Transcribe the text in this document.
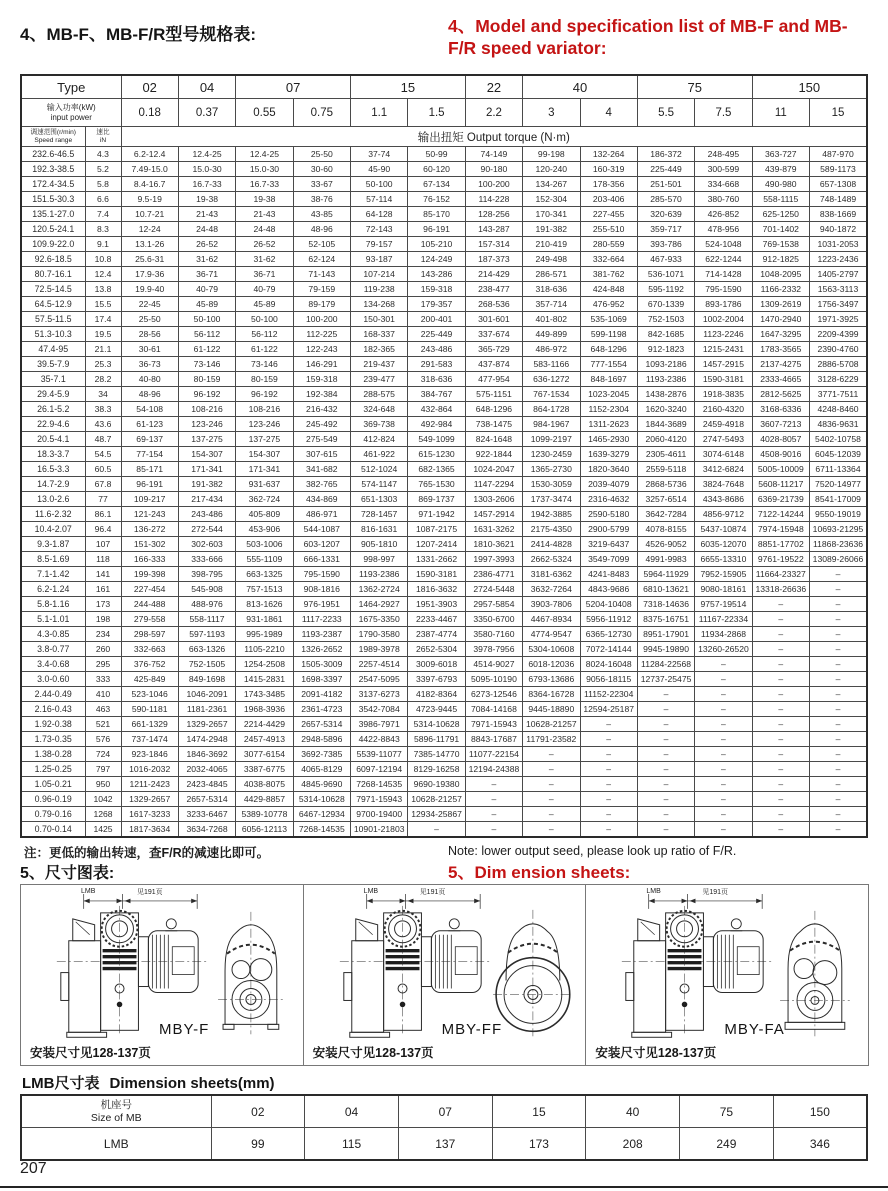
4、MB-F、MB-F/R型号规格表:	4、Model and specification list of MB-F and MB-F/R speed variator:
Type		02	04	07		15		22	40		75		150	
输入功率(kW)
input power		0.18	0.37	0.55	0.75	1.1	1.5	2.2	3	4	5.5	7.5	11	15
调速范围(r/min)
Speed range	速比
iN	输出扭矩 Output torque (N·m)												
232.6-46.5	4.3	6.2-12.4	12.4-25	12.4-25	25-50	37-74	50-99	74-149	99-198	132-264	186-372	248-495	363-727	487-970
192.3-38.5	5.2	7.49-15.0	15.0-30	15.0-30	30-60	45-90	60-120	90-180	120-240	160-319	225-449	300-599	439-879	589-1173
172.4-34.5	5.8	8.4-16.7	16.7-33	16.7-33	33-67	50-100	67-134	100-200	134-267	178-356	251-501	334-668	490-980	657-1308
151.5-30.3	6.6	9.5-19	19-38	19-38	38-76	57-114	76-152	114-228	152-304	203-406	285-570	380-760	558-1115	748-1489
135.1-27.0	7.4	10.7-21	21-43	21-43	43-85	64-128	85-170	128-256	170-341	227-455	320-639	426-852	625-1250	838-1669
120.5-24.1	8.3	12-24	24-48	24-48	48-96	72-143	96-191	143-287	191-382	255-510	359-717	478-956	701-1402	940-1872
109.9-22.0	9.1	13.1-26	26-52	26-52	52-105	79-157	105-210	157-314	210-419	280-559	393-786	524-1048	769-1538	1031-2053
92.6-18.5	10.8	25.6-31	31-62	31-62	62-124	93-187	124-249	187-373	249-498	332-664	467-933	622-1244	912-1825	1223-2436
80.7-16.1	12.4	17.9-36	36-71	36-71	71-143	107-214	143-286	214-429	286-571	381-762	536-1071	714-1428	1048-2095	1405-2797
72.5-14.5	13.8	19.9-40	40-79	40-79	79-159	119-238	159-318	238-477	318-636	424-848	595-1192	795-1590	1166-2332	1563-3113
64.5-12.9	15.5	22-45	45-89	45-89	89-179	134-268	179-357	268-536	357-714	476-952	670-1339	893-1786	1309-2619	1756-3497
57.5-11.5	17.4	25-50	50-100	50-100	100-200	150-301	200-401	301-601	401-802	535-1069	752-1503	1002-2004	1470-2940	1971-3925
51.3-10.3	19.5	28-56	56-112	56-112	112-225	168-337	225-449	337-674	449-899	599-1198	842-1685	1123-2246	1647-3295	2209-4399
47.4-95	21.1	30-61	61-122	61-122	122-243	182-365	243-486	365-729	486-972	648-1296	912-1823	1215-2431	1783-3565	2390-4760
39.5-7.9	25.3	36-73	73-146	73-146	146-291	219-437	291-583	437-874	583-1166	777-1554	1093-2186	1457-2915	2137-4275	2886-5708
35-7.1	28.2	40-80	80-159	80-159	159-318	239-477	318-636	477-954	636-1272	848-1697	1193-2386	1590-3181	2333-4665	3128-6229
29.4-5.9	34	48-96	96-192	96-192	192-384	288-575	384-767	575-1151	767-1534	1023-2045	1438-2876	1918-3835	2812-5625	3771-7511
26.1-5.2	38.3	54-108	108-216	108-216	216-432	324-648	432-864	648-1296	864-1728	1152-2304	1620-3240	2160-4320	3168-6336	4248-8460
22.9-4.6	43.6	61-123	123-246	123-246	245-492	369-738	492-984	738-1475	984-1967	1311-2623	1844-3689	2459-4918	3607-7213	4836-9631
20.5-4.1	48.7	69-137	137-275	137-275	275-549	412-824	549-1099	824-1648	1099-2197	1465-2930	2060-4120	2747-5493	4028-8057	5402-10758
18.3-3.7	54.5	77-154	154-307	154-307	307-615	461-922	615-1230	922-1844	1230-2459	1639-3279	2305-4611	3074-6148	4508-9016	6045-12039
16.5-3.3	60.5	85-171	171-341	171-341	341-682	512-1024	682-1365	1024-2047	1365-2730	1820-3640	2559-5118	3412-6824	5005-10009	6711-13364
14.7-2.9	67.8	96-191	191-382	931-637	382-765	574-1147	765-1530	1147-2294	1530-3059	2039-4079	2868-5736	3824-7648	5608-11217	7520-14977
13.0-2.6	77	109-217	217-434	362-724	434-869	651-1303	869-1737	1303-2606	1737-3474	2316-4632	3257-6514	4343-8686	6369-21739	8541-17009
11.6-2.32	86.1	121-243	243-486	405-809	486-971	728-1457	971-1942	1457-2914	1942-3885	2590-5180	3642-7284	4856-9712	7122-14244	9550-19019
10.4-2.07	96.4	136-272	272-544	453-906	544-1087	816-1631	1087-2175	1631-3262	2175-4350	2900-5799	4078-8155	5437-10874	7974-15948	10693-21295
9.3-1.87	107	151-302	302-603	503-1006	603-1207	905-1810	1207-2414	1810-3621	2414-4828	3219-6437	4526-9052	6035-12070	8851-17702	11868-23636
8.5-1.69	118	166-333	333-666	555-1109	666-1331	998-997	1331-2662	1997-3993	2662-5324	3549-7099	4991-9983	6655-13310	9761-19522	13089-26066
7.1-1.42	141	199-398	398-795	663-1325	795-1590	1193-2386	1590-3181	2386-4771	3181-6362	4241-8483	5964-11929	7952-15905	11664-23327	–
6.2-1.24	161	227-454	545-908	757-1513	908-1816	1362-2724	1816-3632	2724-5448	3632-7264	4843-9686	6810-13621	9080-18161	13318-26636	–
5.8-1.16	173	244-488	488-976	813-1626	976-1951	1464-2927	1951-3903	2957-5854	3903-7806	5204-10408	7318-14636	9757-19514	–	–
5.1-1.01	198	279-558	558-1117	931-1861	1117-2233	1675-3350	2233-4467	3350-6700	4467-8934	5956-11912	8375-16751	11167-22334	–	–
4.3-0.85	234	298-597	597-1193	995-1989	1193-2387	1790-3580	2387-4774	3580-7160	4774-9547	6365-12730	8951-17901	11934-2868	–	–
3.8-0.77	260	332-663	663-1326	1105-2210	1326-2652	1989-3978	2652-5304	3978-7956	5304-10608	7072-14144	9945-19890	13260-26520	–	–
3.4-0.68	295	376-752	752-1505	1254-2508	1505-3009	2257-4514	3009-6018	4514-9027	6018-12036	8024-16048	11284-22568	–	–	–
3.0-0.60	333	425-849	849-1698	1415-2831	1698-3397	2547-5095	3397-6793	5095-10190	6793-13686	9056-18115	12737-25475	–	–	–
2.44-0.49	410	523-1046	1046-2091	1743-3485	2091-4182	3137-6273	4182-8364	6273-12546	8364-16728	11152-22304	–	–	–	–
2.16-0.43	463	590-1181	1181-2361	1968-3936	2361-4723	3542-7084	4723-9445	7084-14168	9445-18890	12594-25187	–	–	–	–
1.92-0.38	521	661-1329	1329-2657	2214-4429	2657-5314	3986-7971	5314-10628	7971-15943	10628-21257	–	–	–	–	–
1.73-0.35	576	737-1474	1474-2948	2457-4913	2948-5896	4422-8843	5896-11791	8843-17687	11791-23582	–	–	–	–	–
1.38-0.28	724	923-1846	1846-3692	3077-6154	3692-7385	5539-11077	7385-14770	11077-22154	–	–	–	–	–	–
1.25-0.25	797	1016-2032	2032-4065	3387-6775	4065-8129	6097-12194	8129-16258	12194-24388	–	–	–	–	–	–
1.05-0.21	950	1211-2423	2423-4845	4038-8075	4845-9690	7268-14535	9690-19380	–	–	–	–	–	–	–
0.96-0.19	1042	1329-2657	2657-5314	4429-8857	5314-10628	7971-15943	10628-21257	–	–	–	–	–	–	–
0.79-0.16	1268	1617-3233	3233-6467	5389-10778	6467-12934	9700-19400	12934-25867	–	–	–	–	–	–	–
0.70-0.14	1425	1817-3634	3634-7268	6056-12113	7268-14535	10901-21803	–	–	–	–	–	–	–	–
注：更低的输出转速，查F/R的减速比即可。	Note: lower output seed, please look up ratio of F/R.
5、尺寸图表:	5、Dim ension sheets:
LMB	见191页
MBY-F
安装尺寸见128-137页
LMB	见191页
MBY-FF
安装尺寸见128-137页
LMB	见191页
MBY-FA
安装尺寸见128-137页
LMB尺寸表 Dimension sheets(mm)
机座号
Size of MB	02	04	07	15	40	75	150
LMB	99	115	137	173	208	249	346
207
